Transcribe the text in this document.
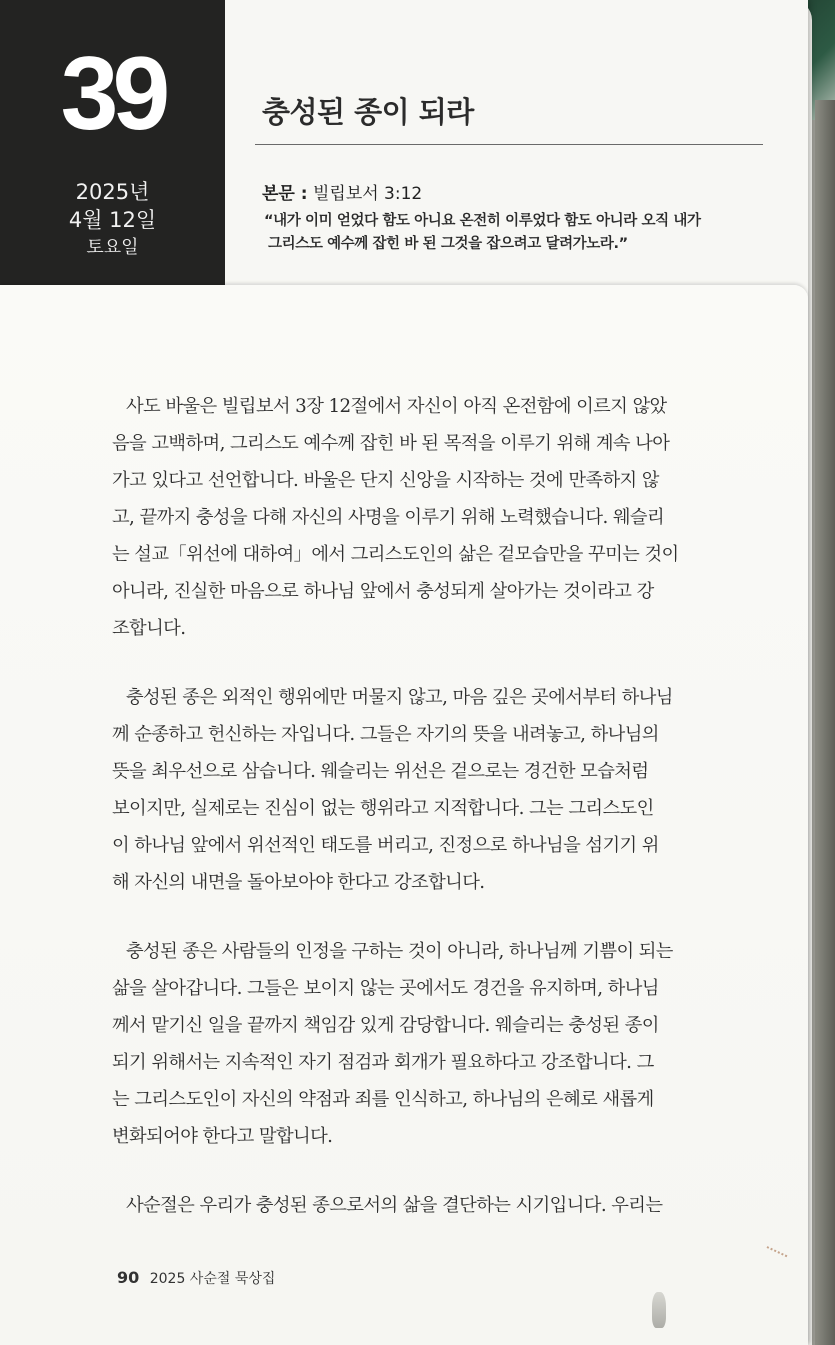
39
2025년
4월 12일
토요일
충성된 종이 되라
본문 : 빌립보서 3:12
“내가 이미 얻었다 함도 아니요 온전히 이루었다 함도 아니라 오직 내가
그리스도 예수께 잡힌 바 된 그것을 잡으려고 달려가노라.”
사도 바울은 빌립보서 3장 12절에서 자신이 아직 온전함에 이르지 않았
음을 고백하며, 그리스도 예수께 잡힌 바 된 목적을 이루기 위해 계속 나아
가고 있다고 선언합니다. 바울은 단지 신앙을 시작하는 것에 만족하지 않
고, 끝까지 충성을 다해 자신의 사명을 이루기 위해 노력했습니다. 웨슬리
는 설교「위선에 대하여」에서 그리스도인의 삶은 겉모습만을 꾸미는 것이
아니라, 진실한 마음으로 하나님 앞에서 충성되게 살아가는 것이라고 강
조합니다.
충성된 종은 외적인 행위에만 머물지 않고, 마음 깊은 곳에서부터 하나님
께 순종하고 헌신하는 자입니다. 그들은 자기의 뜻을 내려놓고, 하나님의
뜻을 최우선으로 삼습니다. 웨슬리는 위선은 겉으로는 경건한 모습처럼
보이지만, 실제로는 진심이 없는 행위라고 지적합니다. 그는 그리스도인
이 하나님 앞에서 위선적인 태도를 버리고, 진정으로 하나님을 섬기기 위
해 자신의 내면을 돌아보아야 한다고 강조합니다.
충성된 종은 사람들의 인정을 구하는 것이 아니라, 하나님께 기쁨이 되는
삶을 살아갑니다. 그들은 보이지 않는 곳에서도 경건을 유지하며, 하나님
께서 맡기신 일을 끝까지 책임감 있게 감당합니다. 웨슬리는 충성된 종이
되기 위해서는 지속적인 자기 점검과 회개가 필요하다고 강조합니다. 그
는 그리스도인이 자신의 약점과 죄를 인식하고, 하나님의 은혜로 새롭게
변화되어야 한다고 말합니다.
사순절은 우리가 충성된 종으로서의 삶을 결단하는 시기입니다. 우리는
90 2025 사순절 묵상집
